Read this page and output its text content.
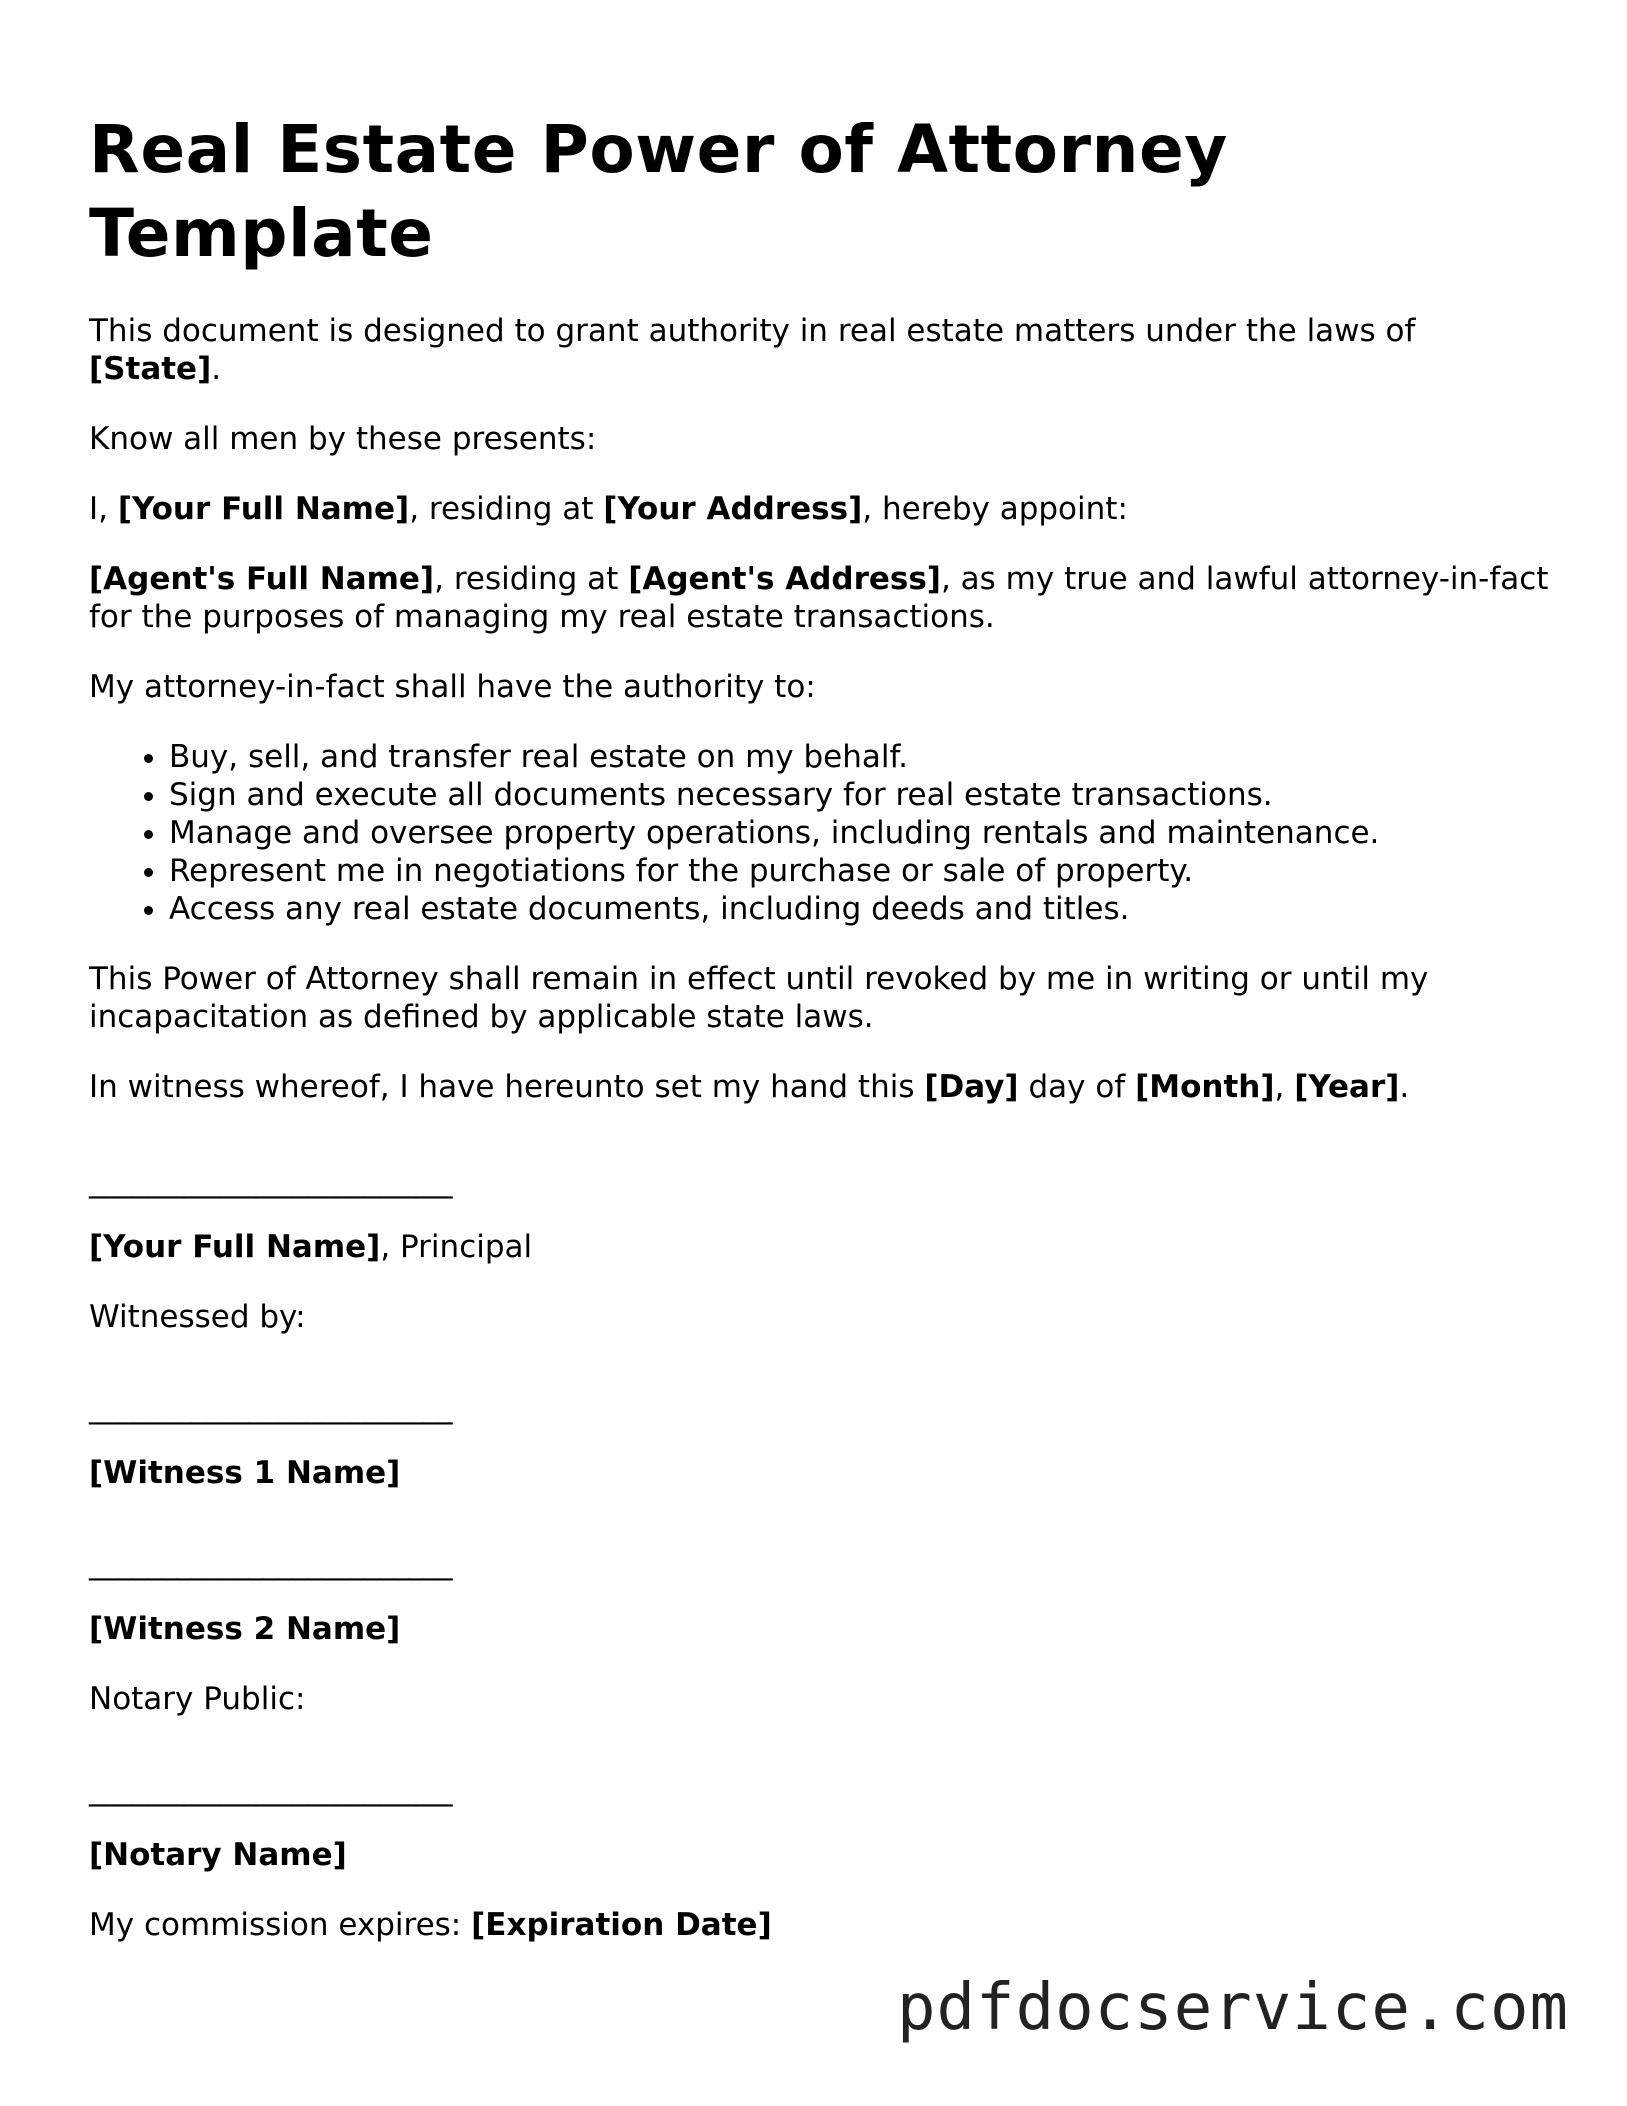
Real Estate Power of Attorney Template

This document is designed to grant authority in real estate matters under the laws of [State].

Know all men by these presents:

I, [Your Full Name], residing at [Your Address], hereby appoint:

[Agent's Full Name], residing at [Agent's Address], as my true and lawful attorney-in-fact for the purposes of managing my real estate transactions.

My attorney-in-fact shall have the authority to:

• Buy, sell, and transfer real estate on my behalf.
• Sign and execute all documents necessary for real estate transactions.
• Manage and oversee property operations, including rentals and maintenance.
• Represent me in negotiations for the purchase or sale of property.
• Access any real estate documents, including deeds and titles.

This Power of Attorney shall remain in effect until revoked by me in writing or until my incapacitation as defined by applicable state laws.

In witness whereof, I have hereunto set my hand this [Day] day of [Month], [Year].

_________________________

[Your Full Name], Principal

Witnessed by:

_________________________

[Witness 1 Name]

_________________________

[Witness 2 Name]

Notary Public:

_________________________

[Notary Name]

My commission expires: [Expiration Date]

pdfdocservice.com
